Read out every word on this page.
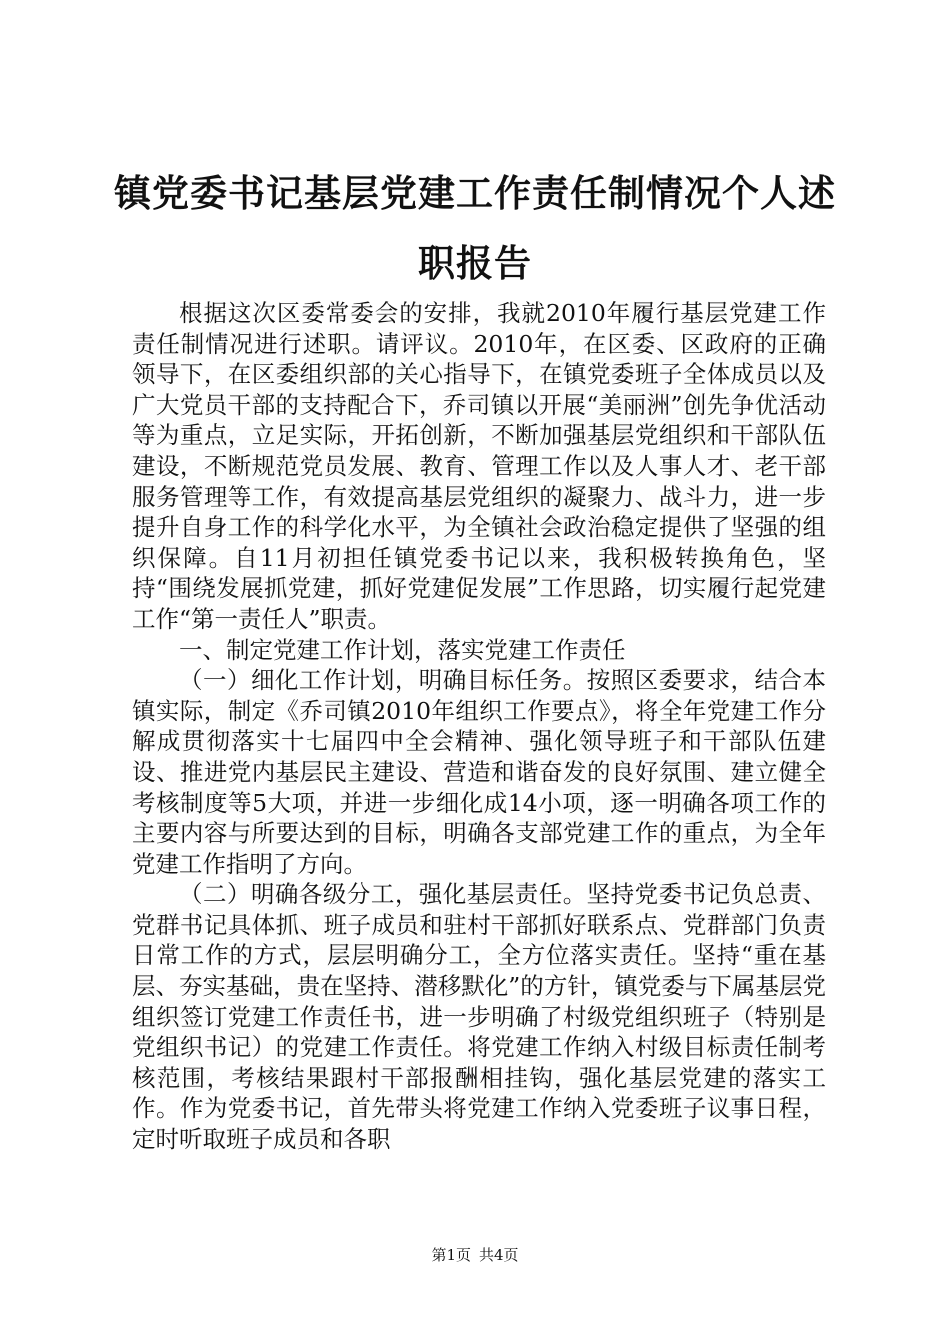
镇党委书记基层党建工作责任制情况个人述职报告

根据这次区委常委会的安排，我就2010年履行基层党建工作责任制情况进行述职。请评议。2010年，在区委、区政府的正确领导下，在区委组织部的关心指导下，在镇党委班子全体成员以及广大党员干部的支持配合下，乔司镇以开展“美丽洲”创先争优活动等为重点，立足实际，开拓创新，不断加强基层党组织和干部队伍建设，不断规范党员发展、教育、管理工作以及人事人才、老干部服务管理等工作，有效提高基层党组织的凝聚力、战斗力，进一步提升自身工作的科学化水平，为全镇社会政治稳定提供了坚强的组织保障。自11月初担任镇党委书记以来，我积极转换角色，坚持“围绕发展抓党建，抓好党建促发展”工作思路，切实履行起党建工作“第一责任人”职责。

一、制定党建工作计划，落实党建工作责任

（一）细化工作计划，明确目标任务。按照区委要求，结合本镇实际，制定《乔司镇2010年组织工作要点》，将全年党建工作分解成贯彻落实十七届四中全会精神、强化领导班子和干部队伍建设、推进党内基层民主建设、营造和谐奋发的良好氛围、建立健全考核制度等5大项，并进一步细化成14小项，逐一明确各项工作的主要内容与所要达到的目标，明确各支部党建工作的重点，为全年党建工作指明了方向。

（二）明确各级分工，强化基层责任。坚持党委书记负总责、党群书记具体抓、班子成员和驻村干部抓好联系点、党群部门负责日常工作的方式，层层明确分工，全方位落实责任。坚持“重在基层、夯实基础，贵在坚持、潜移默化”的方针，镇党委与下属基层党组织签订党建工作责任书，进一步明确了村级党组织班子（特别是党组织书记）的党建工作责任。将党建工作纳入村级目标责任制考核范围，考核结果跟村干部报酬相挂钩，强化基层党建的落实工作。作为党委书记，首先带头将党建工作纳入党委班子议事日程，定时听取班子成员和各职

第1页 共4页
